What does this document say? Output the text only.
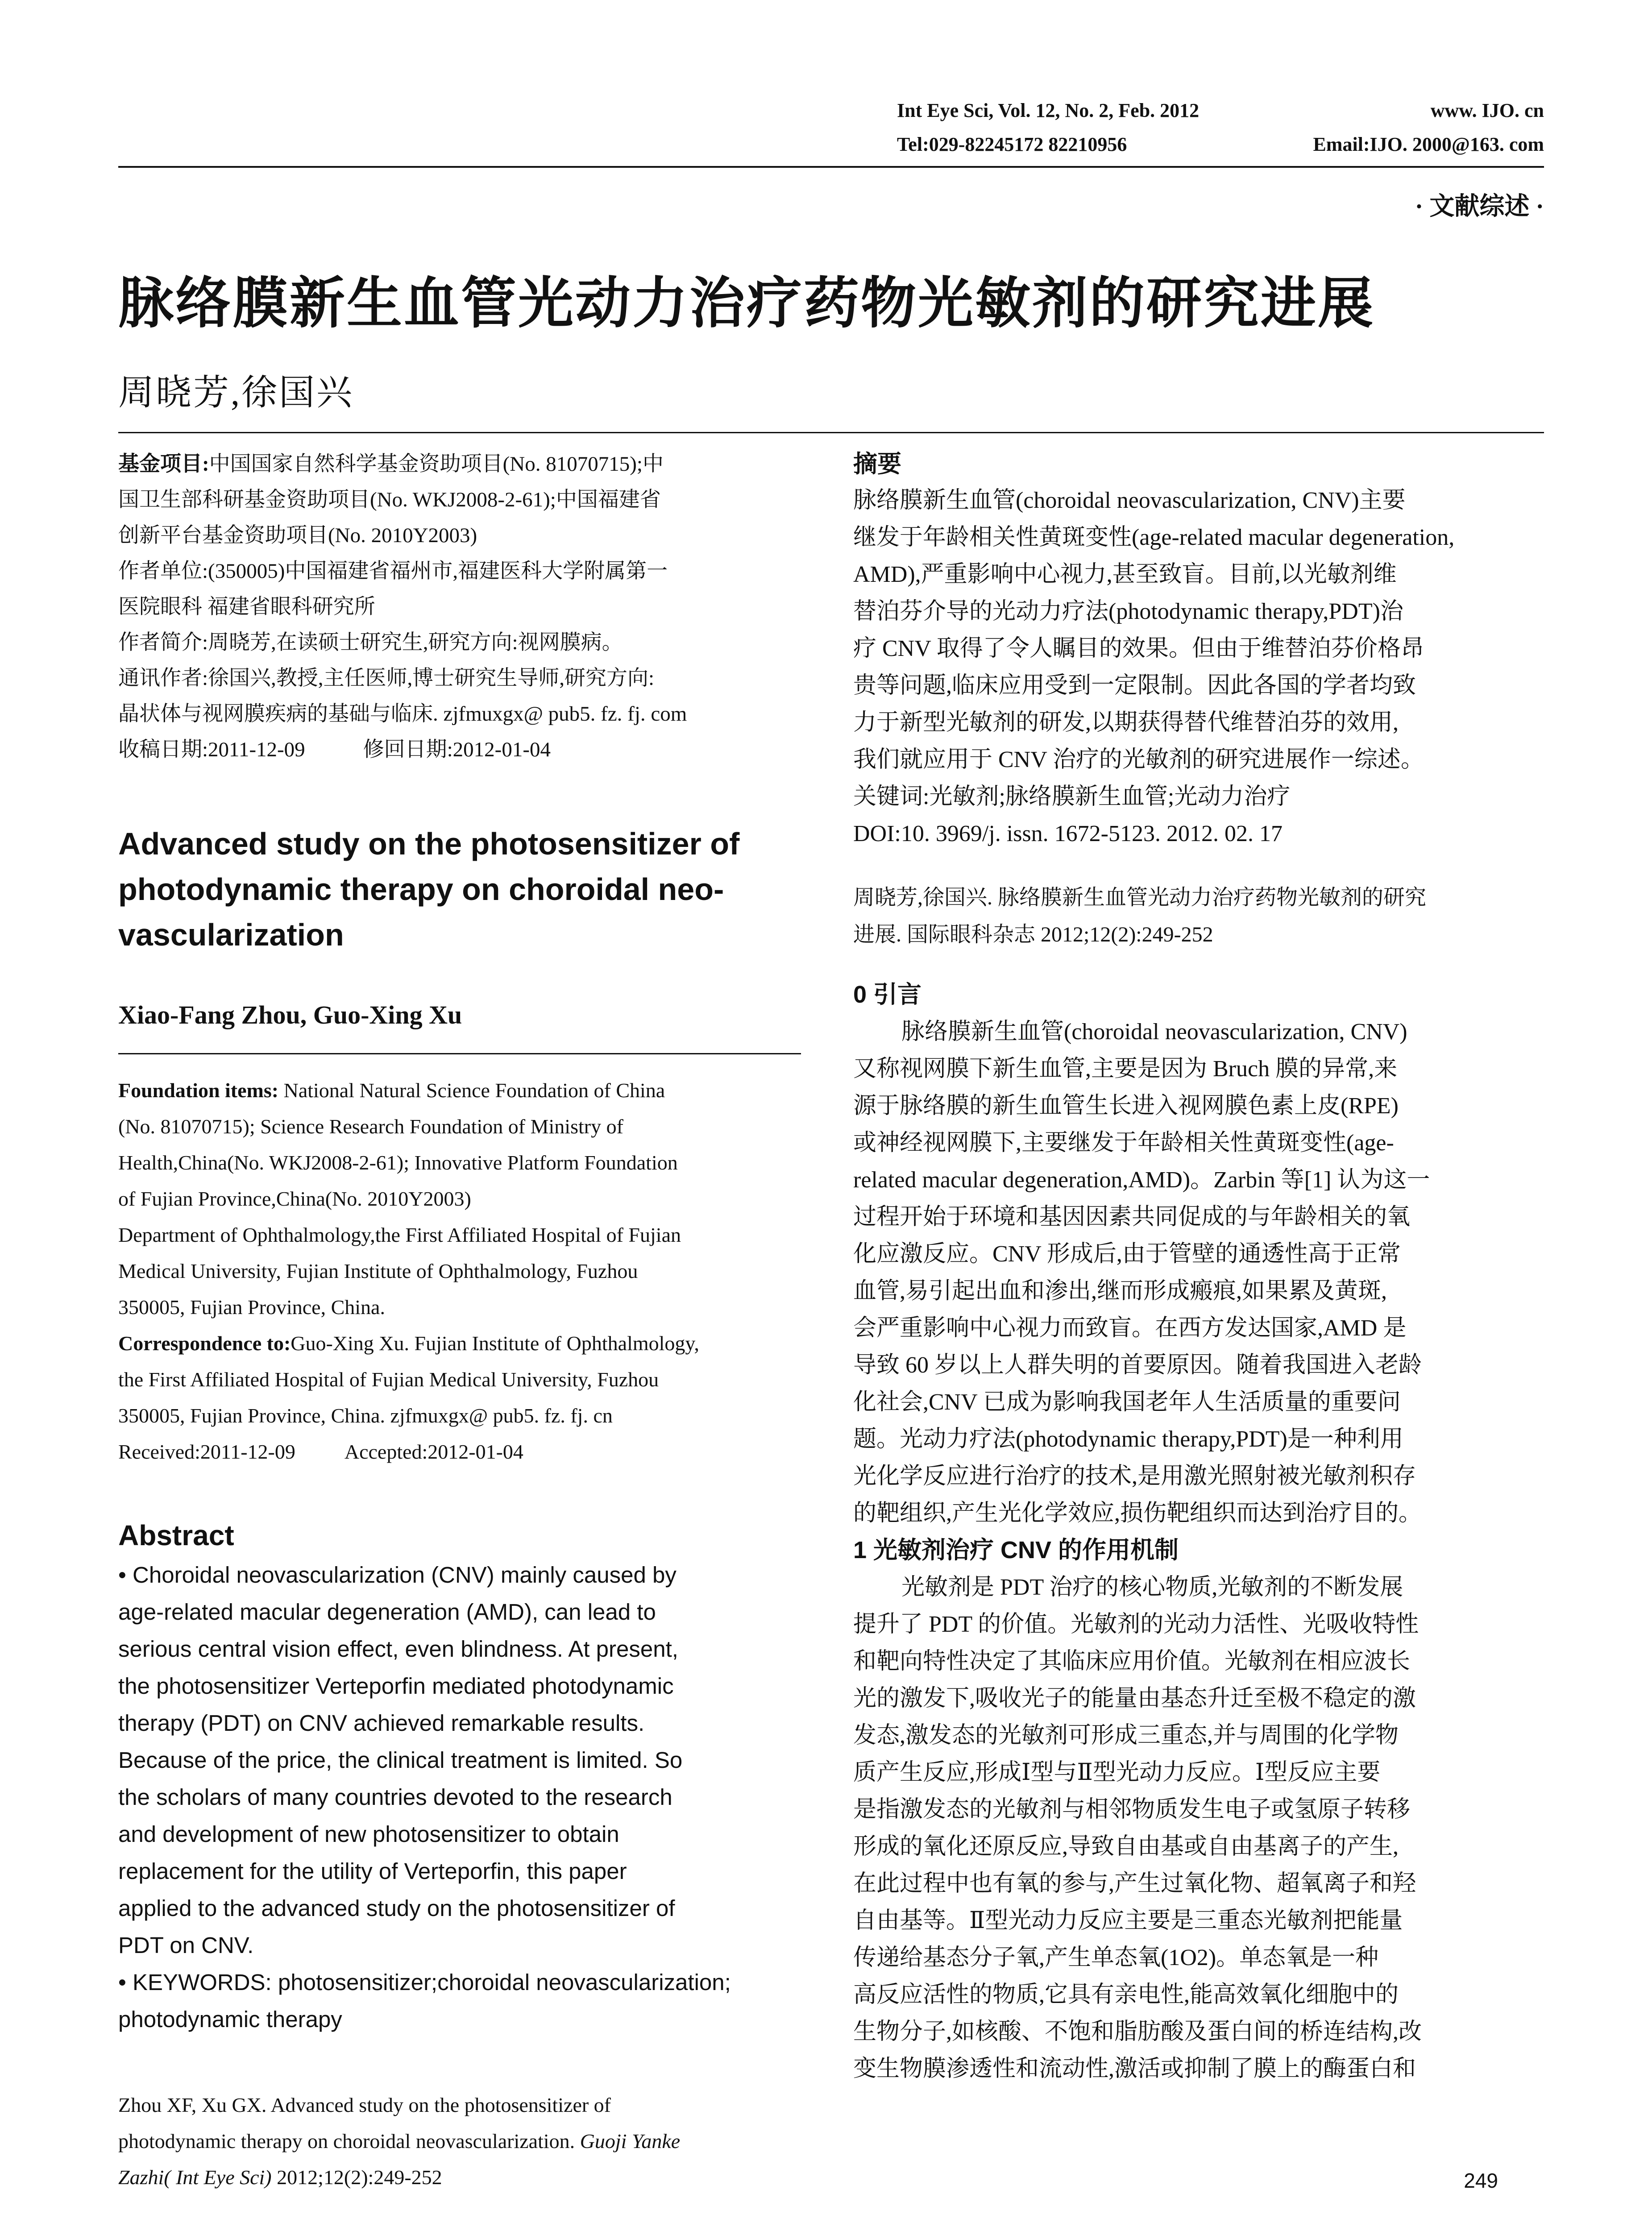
Int Eye Sci, Vol. 12, No. 2, Feb. 2012	www. IJO. cn
Tel:029-82245172 82210956	Email:IJO. 2000@163. com
· 文献综述 ·
脉络膜新生血管光动力治疗药物光敏剂的研究进展
周晓芳,徐国兴

基金项目:中国国家自然科学基金资助项目(No. 81070715);中

国卫生部科研基金资助项目(No. WKJ2008-2-61);中国福建省

创新平台基金资助项目(No. 2010Y2003)

作者单位:(350005)中国福建省福州市,福建医科大学附属第一

医院眼科 福建省眼科研究所

作者简介:周晓芳,在读硕士研究生,研究方向:视网膜病。

通讯作者:徐国兴,教授,主任医师,博士研究生导师,研究方向:

晶状体与视网膜疾病的基础与临床. zjfmuxgx@ pub5. fz. fj. com

收稿日期:2011-12-09	修回日期:2012-01-04

Advanced study on the photosensitizer of
photodynamic therapy on choroidal neo-
vascularization
Xiao-Fang Zhou, Guo-Xing Xu

Foundation items: National Natural Science Foundation of China

(No. 81070715); Science Research Foundation of Ministry of

Health,China(No. WKJ2008-2-61); Innovative Platform Foundation

of Fujian Province,China(No. 2010Y2003)

Department of Ophthalmology,the First Affiliated Hospital of Fujian

Medical University, Fujian Institute of Ophthalmology, Fuzhou

350005, Fujian Province, China.

Correspondence to:Guo-Xing Xu. Fujian Institute of Ophthalmology,

the First Affiliated Hospital of Fujian Medical University, Fuzhou

350005, Fujian Province, China. zjfmuxgx@ pub5. fz. fj. cn

Received:2011-12-09 Accepted:2012-01-04

Abstract

• Choroidal neovascularization (CNV) mainly caused by

age-related macular degeneration (AMD), can lead to

serious central vision effect, even blindness. At present,

the photosensitizer Verteporfin mediated photodynamic

therapy (PDT) on CNV achieved remarkable results.

Because of the price, the clinical treatment is limited. So

the scholars of many countries devoted to the research

and development of new photosensitizer to obtain

replacement for the utility of Verteporfin, this paper

applied to the advanced study on the photosensitizer of

PDT on CNV.

• KEYWORDS: photosensitizer;choroidal neovascularization;

photodynamic therapy

Zhou XF, Xu GX. Advanced study on the photosensitizer of

photodynamic therapy on choroidal neovascularization. Guoji Yanke

Zazhi( Int Eye Sci) 2012;12(2):249-252

摘要

脉络膜新生血管(choroidal neovascularization, CNV)主要

继发于年龄相关性黄斑变性(age-related macular degeneration,

AMD),严重影响中心视力,甚至致盲。目前,以光敏剂维

替泊芬介导的光动力疗法(photodynamic therapy,PDT)治

疗 CNV 取得了令人瞩目的效果。但由于维替泊芬价格昂

贵等问题,临床应用受到一定限制。因此各国的学者均致

力于新型光敏剂的研发,以期获得替代维替泊芬的效用,

我们就应用于 CNV 治疗的光敏剂的研究进展作一综述。

关键词:光敏剂;脉络膜新生血管;光动力治疗

DOI:10. 3969/j. issn. 1672-5123. 2012. 02. 17

周晓芳,徐国兴. 脉络膜新生血管光动力治疗药物光敏剂的研究

进展. 国际眼科杂志 2012;12(2):249-252

0 引言

脉络膜新生血管(choroidal neovascularization, CNV)

又称视网膜下新生血管,主要是因为 Bruch 膜的异常,来

源于脉络膜的新生血管生长进入视网膜色素上皮(RPE)

或神经视网膜下,主要继发于年龄相关性黄斑变性(age-

related macular degeneration,AMD)。Zarbin 等[1] 认为这一

过程开始于环境和基因因素共同促成的与年龄相关的氧

化应激反应。CNV 形成后,由于管壁的通透性高于正常

血管,易引起出血和渗出,继而形成瘢痕,如果累及黄斑,

会严重影响中心视力而致盲。在西方发达国家,AMD 是

导致 60 岁以上人群失明的首要原因。随着我国进入老龄

化社会,CNV 已成为影响我国老年人生活质量的重要问

题。光动力疗法(photodynamic therapy,PDT)是一种利用

光化学反应进行治疗的技术,是用激光照射被光敏剂积存

的靶组织,产生光化学效应,损伤靶组织而达到治疗目的。

1 光敏剂治疗 CNV 的作用机制

光敏剂是 PDT 治疗的核心物质,光敏剂的不断发展

提升了 PDT 的价值。光敏剂的光动力活性、光吸收特性

和靶向特性决定了其临床应用价值。光敏剂在相应波长

光的激发下,吸收光子的能量由基态升迁至极不稳定的激

发态,激发态的光敏剂可形成三重态,并与周围的化学物

质产生反应,形成Ⅰ型与Ⅱ型光动力反应。Ⅰ型反应主要

是指激发态的光敏剂与相邻物质发生电子或氢原子转移

形成的氧化还原反应,导致自由基或自由基离子的产生,

在此过程中也有氧的参与,产生过氧化物、超氧离子和羟

自由基等。Ⅱ型光动力反应主要是三重态光敏剂把能量

传递给基态分子氧,产生单态氧(1O2)。单态氧是一种

高反应活性的物质,它具有亲电性,能高效氧化细胞中的

生物分子,如核酸、不饱和脂肪酸及蛋白间的桥连结构,改

变生物膜渗透性和流动性,激活或抑制了膜上的酶蛋白和

249
